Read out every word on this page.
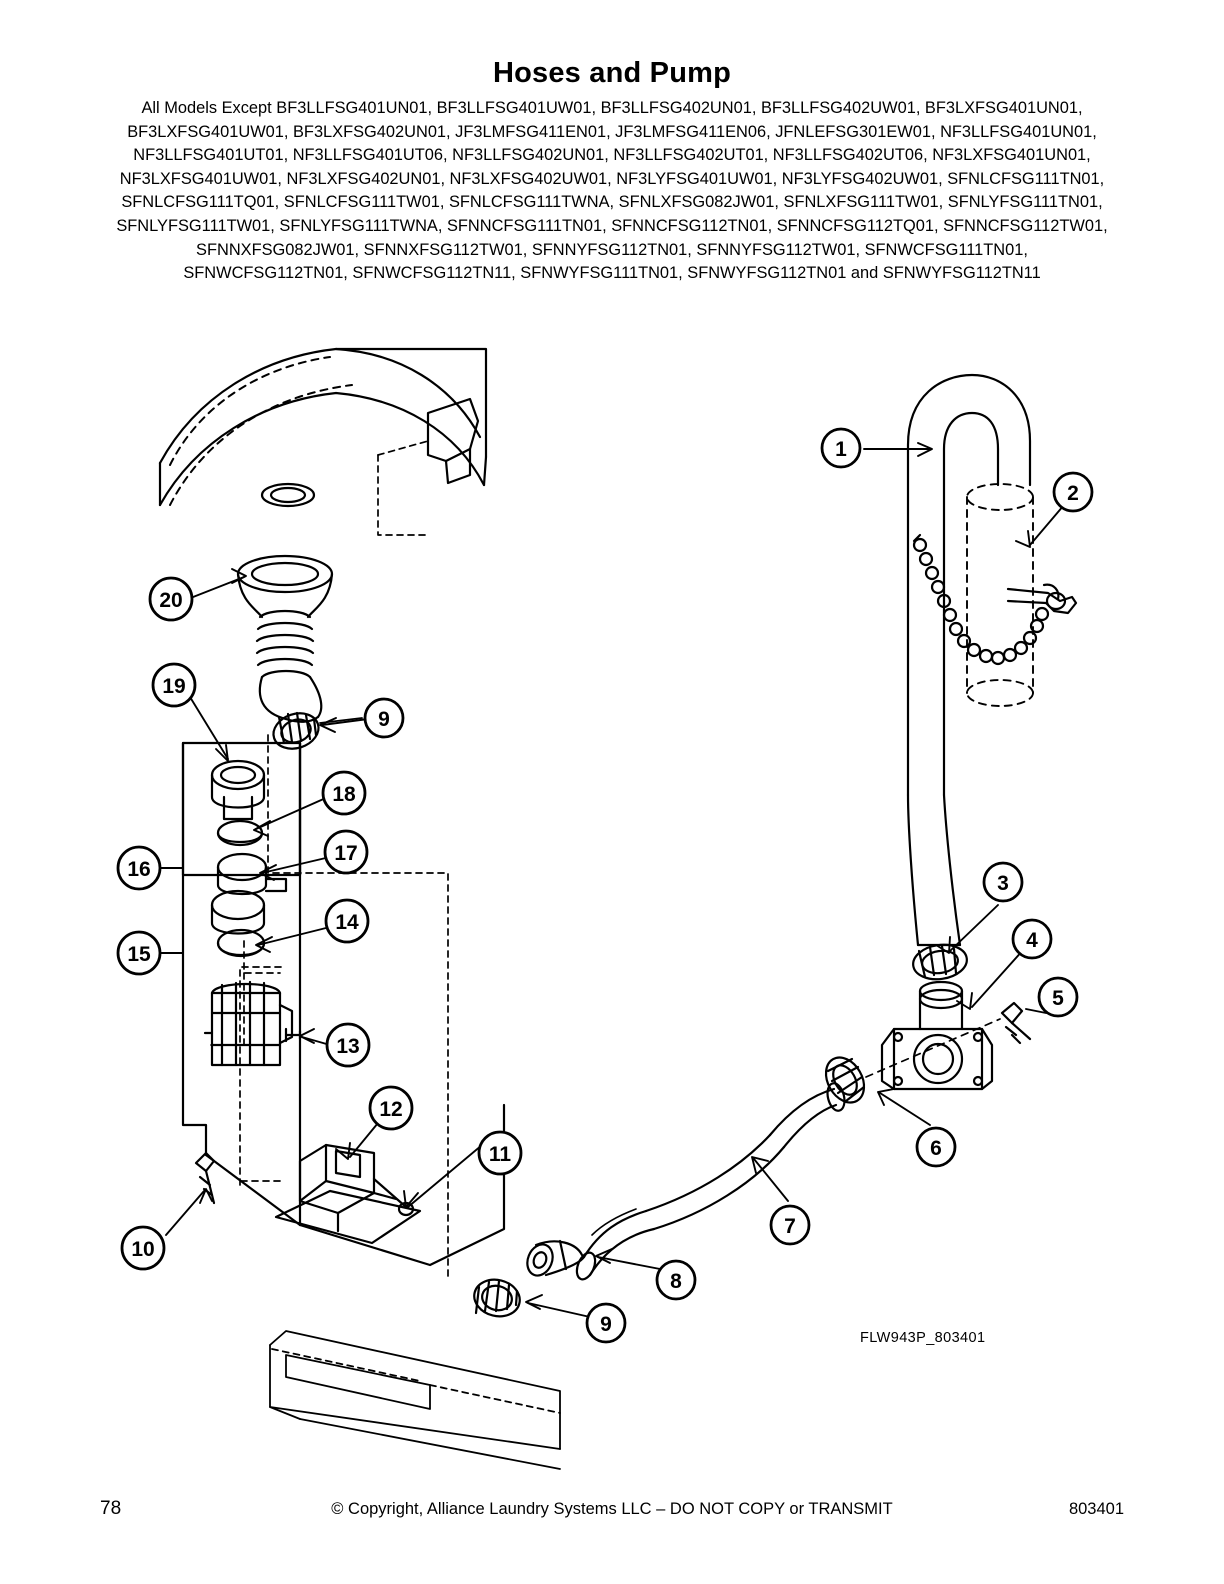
Hoses and Pump
All Models Except BF3LLFSG401UN01, BF3LLFSG401UW01, BF3LLFSG402UN01, BF3LLFSG402UW01, BF3LXFSG401UN01, BF3LXFSG401UW01, BF3LXFSG402UN01, JF3LMFSG411EN01, JF3LMFSG411EN06, JFNLEFSG301EW01, NF3LLFSG401UN01, NF3LLFSG401UT01, NF3LLFSG401UT06, NF3LLFSG402UN01, NF3LLFSG402UT01, NF3LLFSG402UT06, NF3LXFSG401UN01, NF3LXFSG401UW01, NF3LXFSG402UN01, NF3LXFSG402UW01, NF3LYFSG401UW01, NF3LYFSG402UW01, SFNLCFSG111TN01, SFNLCFSG111TQ01, SFNLCFSG111TW01, SFNLCFSG111TWNA, SFNLXFSG082JW01, SFNLXFSG111TW01, SFNLYFSG111TN01, SFNLYFSG111TW01, SFNLYFSG111TWNA, SFNNCFSG111TN01, SFNNCFSG112TN01, SFNNCFSG112TQ01, SFNNCFSG112TW01, SFNNXFSG082JW01, SFNNXFSG112TW01, SFNNYFSG112TN01, SFNNYFSG112TW01, SFNWCFSG111TN01, SFNWCFSG112TN01, SFNWCFSG112TN11, SFNWYFSG111TN01, SFNWYFSG112TN01 and SFNWYFSG112TN11
1
2
3
4
5
6
7
8
9
9
10
11
12
13
14
15
16
17
18
19
20
FLW943P_803401
78	© Copyright, Alliance Laundry Systems LLC – DO NOT COPY or TRANSMIT	803401
